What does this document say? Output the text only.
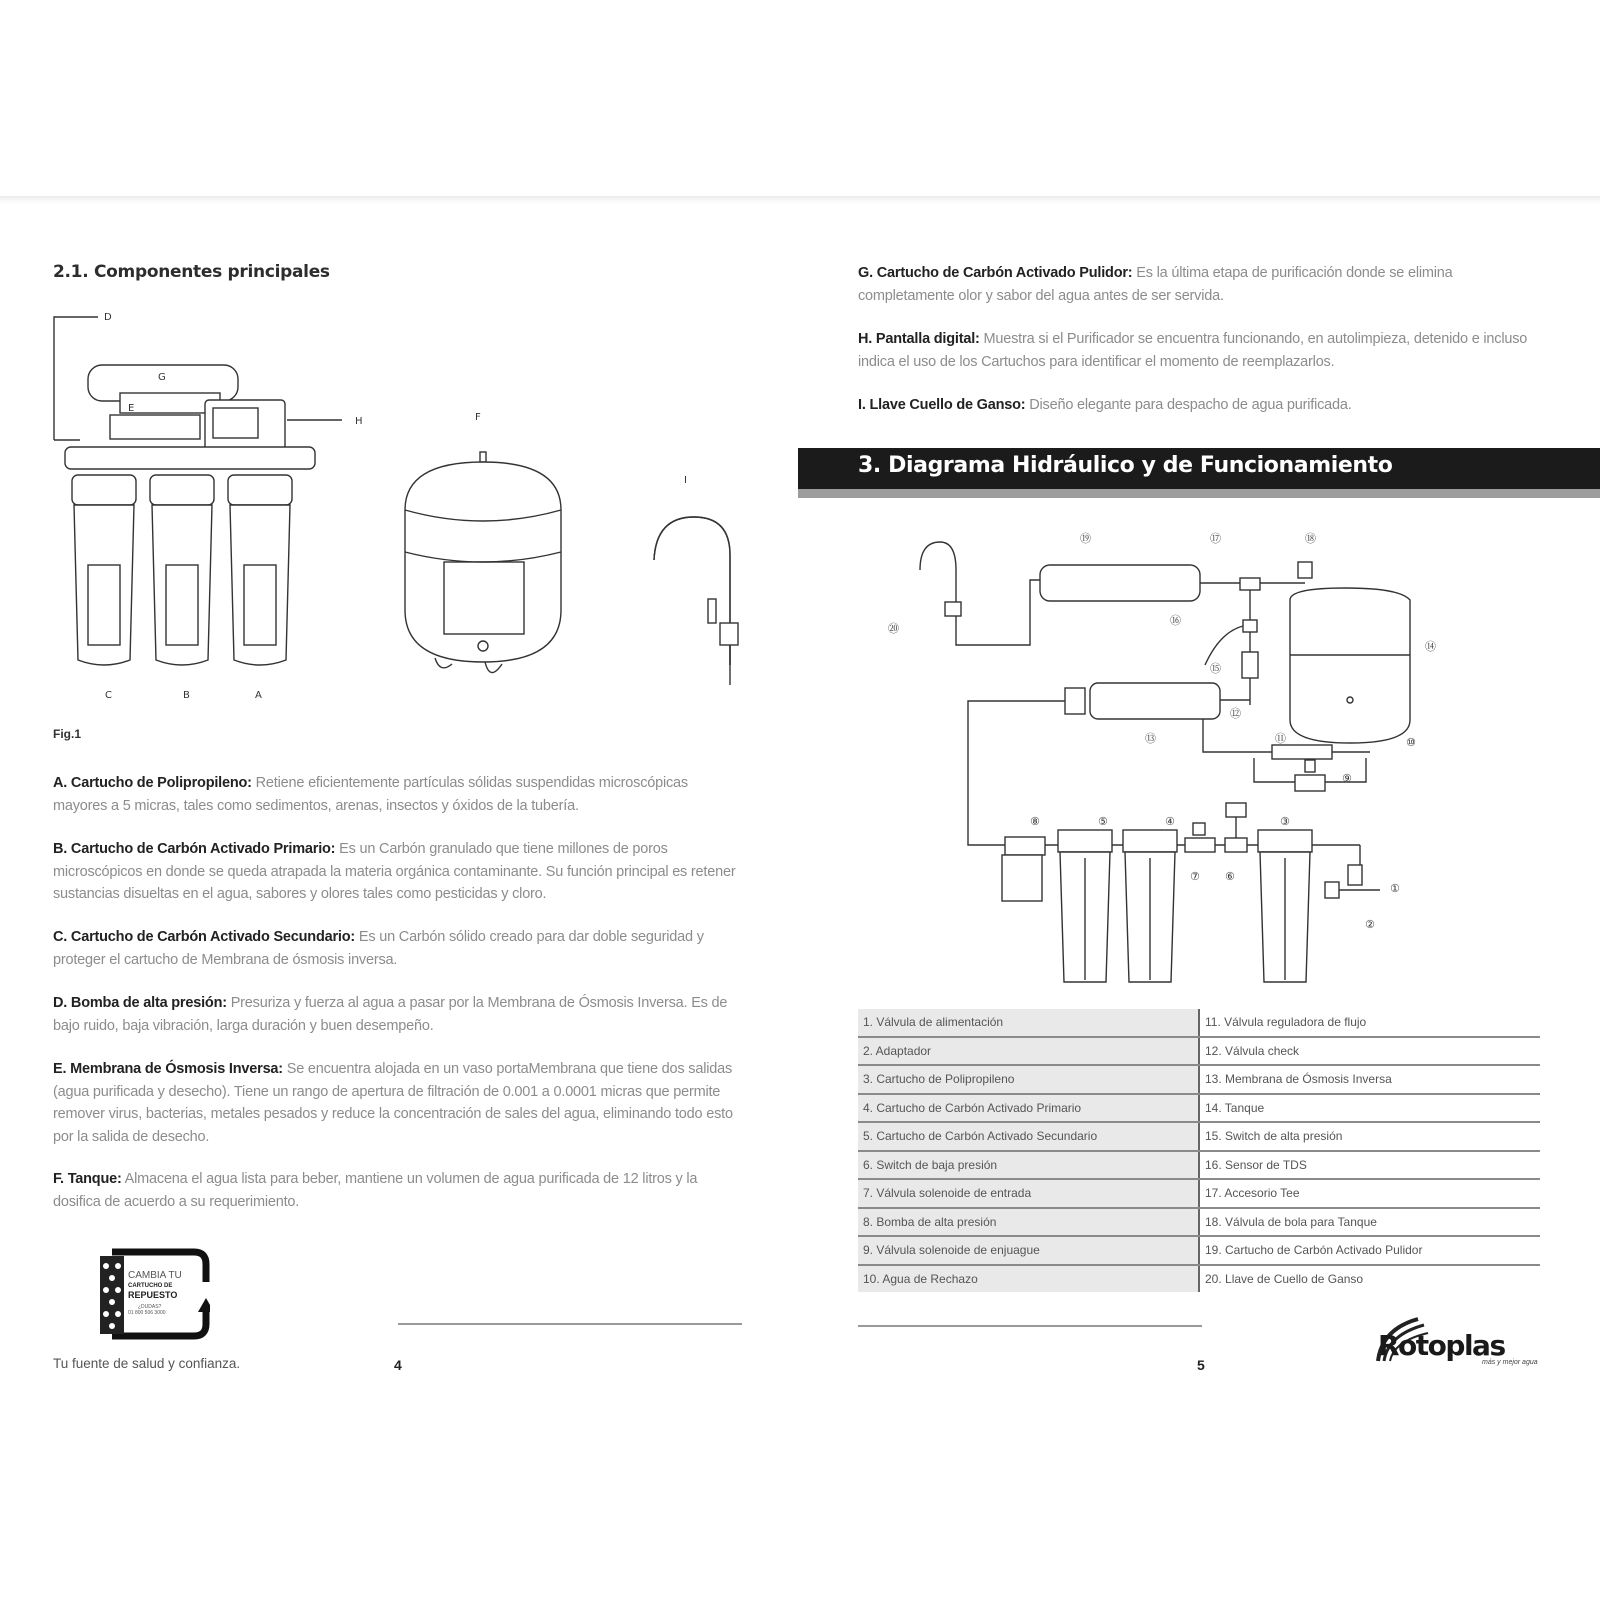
2.1. Componentes principales
D
G
E
H	F
I
C	B	A
Fig.1
A. Cartucho de Polipropileno: Retiene eficientemente partículas sólidas suspendidas microscópicas mayores a 5 micras, tales como sedimentos, arenas, insectos y óxidos de la tubería.
B. Cartucho de Carbón Activado Primario: Es un Carbón granulado que tiene millones de poros microscópicos en donde se queda atrapada la materia orgánica contaminante. Su función principal es retener sustancias disueltas en el agua, sabores y olores tales como pesticidas y cloro.
C. Cartucho de Carbón Activado Secundario: Es un Carbón sólido creado para dar doble seguridad y proteger el cartucho de Membrana de ósmosis inversa.
D. Bomba de alta presión: Presuriza y fuerza al agua a pasar por la Membrana de Ósmosis Inversa. Es de bajo ruido, baja vibración, larga duración y buen desempeño.
E. Membrana de Ósmosis Inversa: Se encuentra alojada en un vaso portaMembrana que tiene dos salidas (agua purificada y desecho). Tiene un rango de apertura de filtración de 0.001 a 0.0001 micras que permite remover virus, bacterias, metales pesados y reduce la concentración de sales del agua, eliminando todo esto por la salida de desecho.
F. Tanque: Almacena el agua lista para beber, mantiene un volumen de agua purificada de 12 litros y la dosifica de acuerdo a su requerimiento.
CAMBIA TU
CARTUCHO DE
REPUESTO
¿DUDAS?
01 800 506 3000
Tu fuente de salud y confianza.	4
G. Cartucho de Carbón Activado Pulidor: Es la última etapa de purificación donde se elimina completamente olor y sabor del agua antes de ser servida.
H. Pantalla digital: Muestra si el Purificador se encuentra funcionando, en autolimpieza, detenido e incluso indica el uso de los Cartuchos para identificar el momento de reemplazarlos.
I. Llave Cuello de Ganso: Diseño elegante para despacho de agua purificada.
3. Diagrama Hidráulico y de Funcionamiento
⑲	⑰	⑱
⑳
⑯
⑮
⑭
⑫
⑬	⑪	⑩
⑨
⑧	⑤	④	③
⑦ ⑥
①
②
1. Válvula de alimentación	11. Válvula reguladora de flujo
2. Adaptador	12. Válvula check
3. Cartucho de Polipropileno	13. Membrana de Ósmosis Inversa
4. Cartucho de Carbón Activado Primario	14. Tanque
5. Cartucho de Carbón Activado Secundario	15. Switch de alta presión
6. Switch de baja presión	16. Sensor de TDS
7. Válvula solenoide de entrada	17. Accesorio Tee
8. Bomba de alta presión	18. Válvula de bola para Tanque
9. Válvula solenoide de enjuague	19. Cartucho de Carbón Activado Pulidor
10. Agua de Rechazo	20. Llave de Cuello de Ganso
5
Rotoplas
más y mejor agua
